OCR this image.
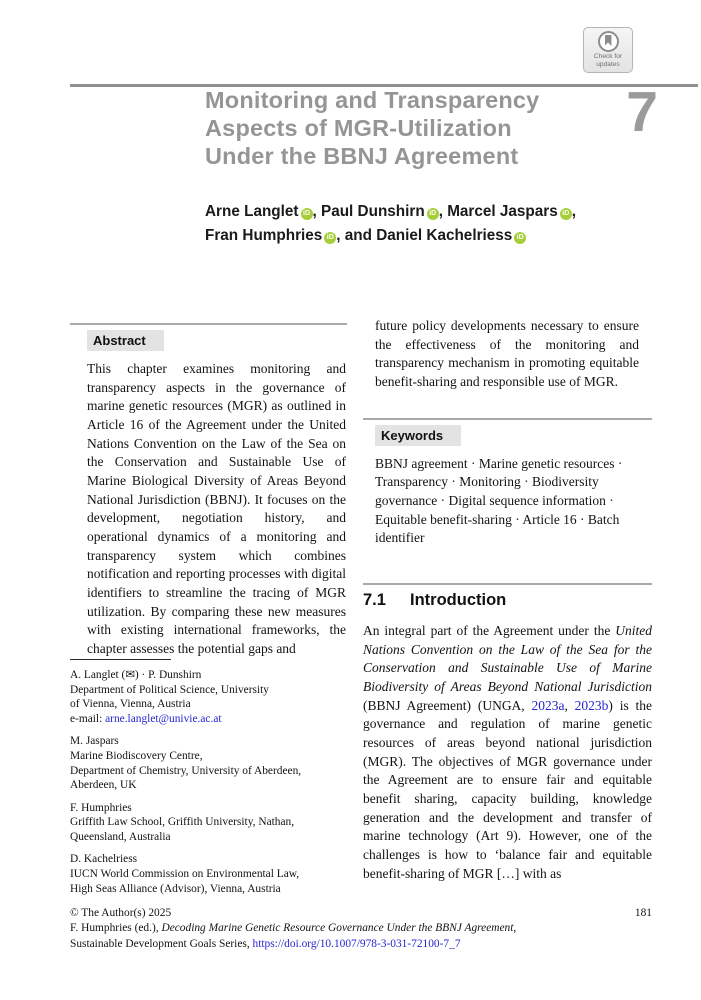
Check for
updates
Monitoring and Transparency
Aspects of MGR-Utilization
Under the BBNJ Agreement
7
Arne Langlet iD , Paul Dunshirn iD , Marcel Jaspars iD ,
Fran Humphries iD , and Daniel Kachelriess iD
Abstract
This chapter examines monitoring and transparency aspects in the governance of marine genetic resources (MGR) as outlined in Article 16 of the Agreement under the United Nations Convention on the Law of the Sea on the Conservation and Sustainable Use of Marine Biological Diversity of Areas Beyond National Jurisdiction (BBNJ). It focuses on the development, negotiation history, and operational dynamics of a monitoring and transparency system which combines notification and reporting processes with digital identifiers to streamline the tracing of MGR utilization. By comparing these new measures with existing international frameworks, the chapter assesses the potential gaps and
A. Langlet (✉) · P. Dunshirn
Department of Political Science, University
of Vienna, Vienna, Austria
e-mail: arne.langlet@univie.ac.at
M. Jaspars
Marine Biodiscovery Centre,
Department of Chemistry, University of Aberdeen,
Aberdeen, UK
F. Humphries
Griffith Law School, Griffith University, Nathan,
Queensland, Australia
D. Kachelriess
IUCN World Commission on Environmental Law,
High Seas Alliance (Advisor), Vienna, Austria
future policy developments necessary to ensure the effectiveness of the monitoring and transparency mechanism in promoting equitable benefit-sharing and responsible use of MGR.
Keywords
BBNJ agreement · Marine genetic resources · Transparency · Monitoring · Biodiversity governance · Digital sequence information · Equitable benefit-sharing · Article 16 · Batch identifier
7.1 Introduction
An integral part of the Agreement under the United Nations Convention on the Law of the Sea for the Conservation and Sustainable Use of Marine Biodiversity of Areas Beyond National Jurisdiction (BBNJ Agreement) (UNGA, 2023a, 2023b) is the governance and regulation of marine genetic resources of areas beyond national jurisdiction (MGR). The objectives of MGR governance under the Agreement are to ensure fair and equitable benefit sharing, capacity building, knowledge generation and the development and transfer of marine technology (Art 9). However, one of the challenges is how to ‘balance fair and equitable benefit-sharing of MGR […] with as
© The Author(s) 2025	181
F. Humphries (ed.), Decoding Marine Genetic Resource Governance Under the BBNJ Agreement,
Sustainable Development Goals Series, https://doi.org/10.1007/978-3-031-72100-7_7
